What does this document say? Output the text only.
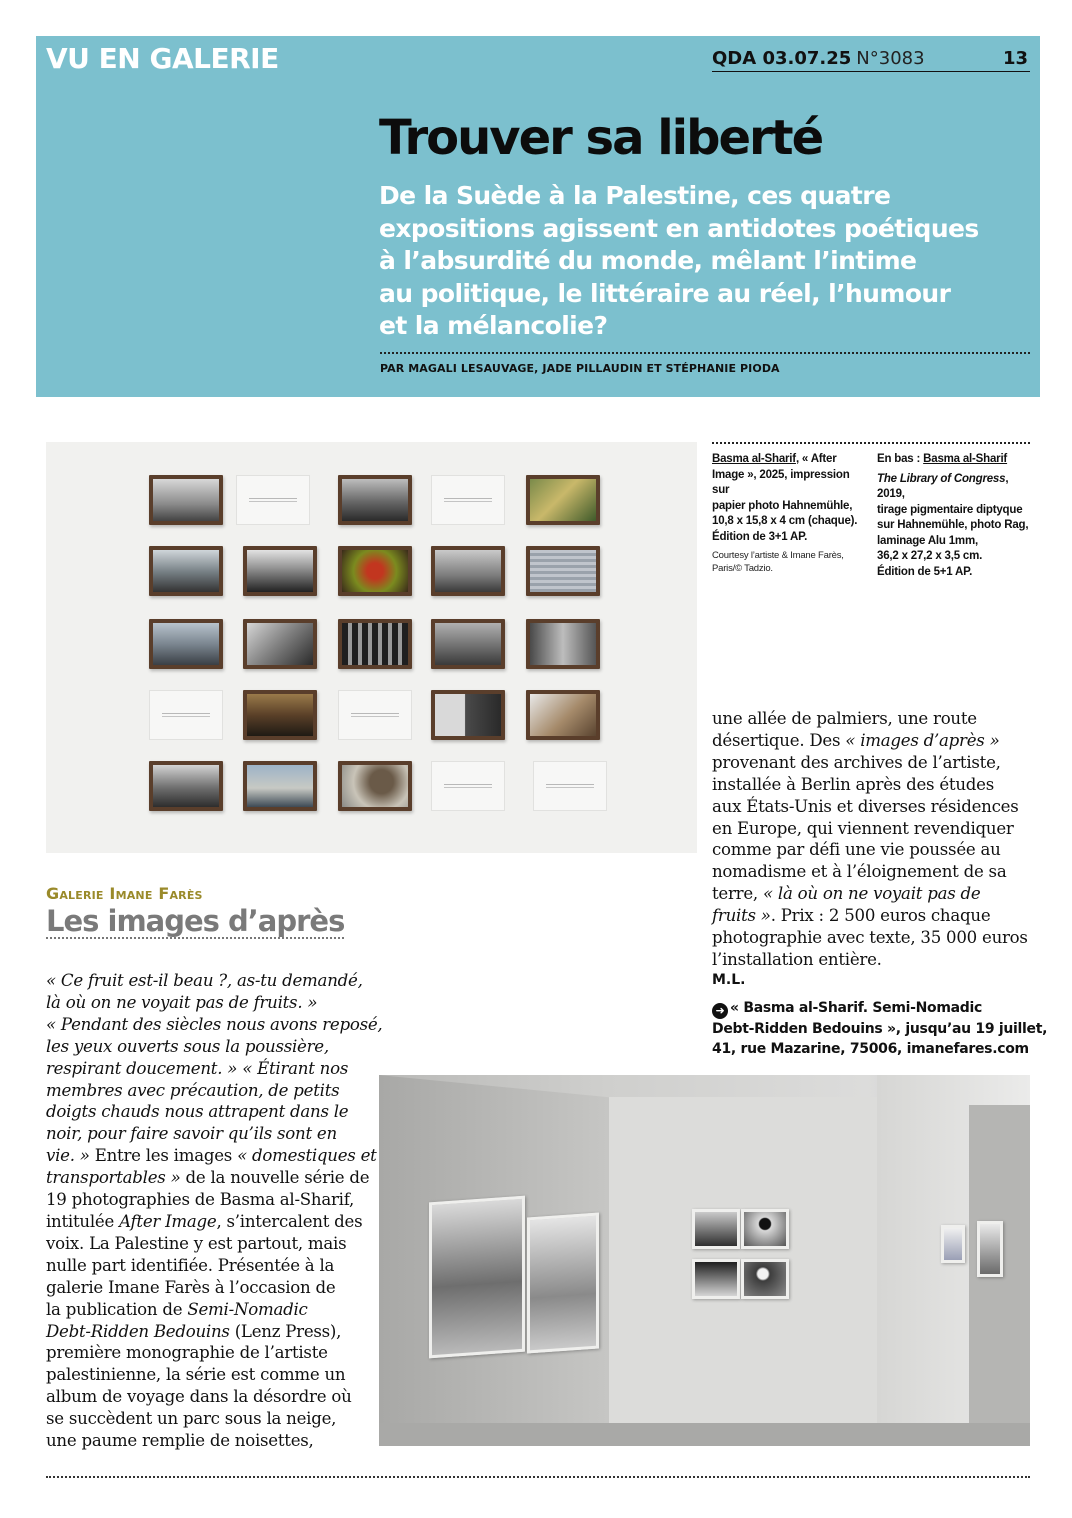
VU EN GALERIE	QDA 03.07.25 N°3083	13
Trouver sa liberté
De la Suède à la Palestine, ces quatre
expositions agissent en antidotes poétiques
à l’absurdité du monde, mêlant l’intime
au politique, le littéraire au réel, l’humour
et la mélancolie?
PAR MAGALI LESAUVAGE, JADE PILLAUDIN ET STÉPHANIE PIODA
Basma al-Sharif, « After
Image », 2025, impression sur
papier photo Hahnemühle,
10,8 x 15,8 x 4 cm (chaque).
Édition de 3+1 AP.
Courtesy l’artiste & Imane Farès,
Paris/© Tadzio.
En bas : Basma al-Sharif
The Library of Congress, 2019,
tirage pigmentaire diptyque
sur Hahnemühle, photo Rag,
laminage Alu 1mm,
36,2 x 27,2 x 3,5 cm.
Édition de 5+1 AP.
Galerie Imane Farès
Les images d’après
« Ce fruit est-il beau ?, as-tu demandé,
là où on ne voyait pas de fruits. »
« Pendant des siècles nous avons reposé,
les yeux ouverts sous la poussière,
respirant doucement. » « Étirant nos
membres avec précaution, de petits
doigts chauds nous attrapent dans le
noir, pour faire savoir qu’ils sont en
vie. » Entre les images « domestiques et
transportables » de la nouvelle série de
19 photographies de Basma al-Sharif,
intitulée After Image, s’intercalent des
voix. La Palestine y est partout, mais
nulle part identifiée. Présentée à la
galerie Imane Farès à l’occasion de
la publication de Semi-Nomadic
Debt-Ridden Bedouins (Lenz Press),
première monographie de l’artiste
palestinienne, la série est comme un
album de voyage dans la désordre où
se succèdent un parc sous la neige,
une paume remplie de noisettes,
une allée de palmiers, une route
désertique. Des « images d’après »
provenant des archives de l’artiste,
installée à Berlin après des études
aux États-Unis et diverses résidences
en Europe, qui viennent revendiquer
comme par défi une vie poussée au
nomadisme et à l’éloignement de sa
terre, « là où on ne voyait pas de
fruits ». Prix : 2 500 euros chaque
photographie avec texte, 35 000 euros
l’installation entière.
M.L.
➜ « Basma al-Sharif. Semi-Nomadic
Debt-Ridden Bedouins », jusqu’au 19 juillet,
41, rue Mazarine, 75006, imanefares.com
